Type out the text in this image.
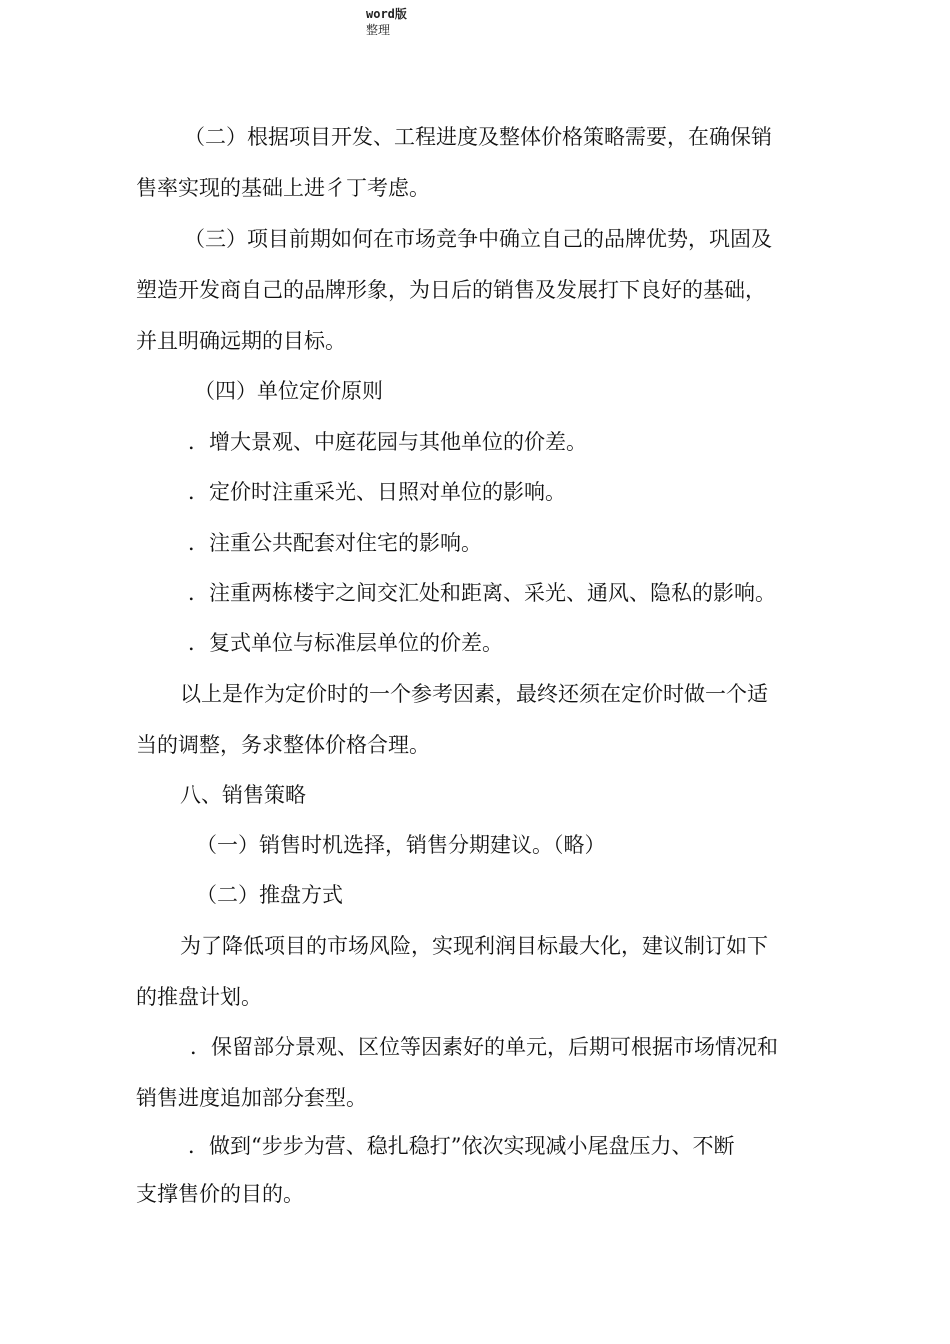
word版
整理
（二）根据项目开发、工程进度及整体价格策略需要，在确保销
售率实现的基础上进彳丁考虑。
（三）项目前期如何在市场竞争中确立自己的品牌优势，巩固及
塑造开发商自己的品牌形象，为日后的销售及发展打下良好的基础，
并且明确远期的目标。
（四）单位定价原则
．增大景观、中庭花园与其他单位的价差。
．定价时注重采光、日照对单位的影响。
．注重公共配套对住宅的影响。
．注重两栋楼宇之间交汇处和距离、采光、通风、隐私的影响。
．复式单位与标准层单位的价差。
以上是作为定价时的一个参考因素，最终还须在定价时做一个适
当的调整，务求整体价格合理。
八、销售策略
（一）销售时机选择，销售分期建议。（略）
（二）推盘方式
为了降低项目的市场风险，实现利润目标最大化，建议制订如下
的推盘计划。
．保留部分景观、区位等因素好的单元，后期可根据市场情况和
销售进度追加部分套型。
．做到“步步为营、稳扎稳打”依次实现减小尾盘压力、不断
支撑售价的目的。
